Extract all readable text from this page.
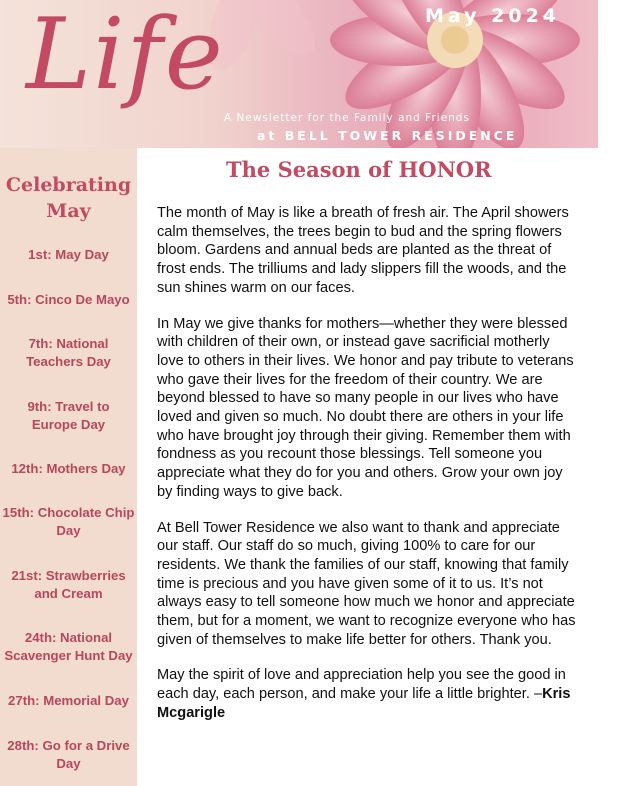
Life	May 2024
A Newsletter for the Family and Friends
at BELL TOWER RESIDENCE
Celebrating
May
1st: May Day
5th: Cinco De Mayo
7th: National
Teachers Day
9th: Travel to
Europe Day
12th: Mothers Day
15th: Chocolate Chip
Day
21st: Strawberries
and Cream
24th: National
Scavenger Hunt Day
27th: Memorial Day
28th: Go for a Drive
Day
The Season of HONOR

The month of May is like a breath of fresh air. The April showers calm themselves, the trees begin to bud and the spring flowers bloom. Gardens and annual beds are planted as the threat of frost ends. The trilliums and lady slippers fill the woods, and the sun shines warm on our faces.

In May we give thanks for mothers—whether they were blessed with children of their own, or instead gave sacrificial motherly love to others in their lives. We honor and pay tribute to veterans who gave their lives for the freedom of their country. We are beyond blessed to have so many people in our lives who have loved and given so much. No doubt there are others in your life who have brought joy through their giving. Remember them with fondness as you recount those blessings. Tell someone you appreciate what they do for you and others. Grow your own joy by finding ways to give back.

At Bell Tower Residence we also want to thank and appreciate our staff. Our staff do so much, giving 100% to care for our residents. We thank the families of our staff, knowing that family time is precious and you have given some of it to us. It’s not always easy to tell someone how much we honor and appreciate them, but for a moment, we want to recognize everyone who has given of themselves to make life better for others. Thank you.

May the spirit of love and appreciation help you see the good in each day, each person, and make your life a little brighter. –Kris Mcgarigle
